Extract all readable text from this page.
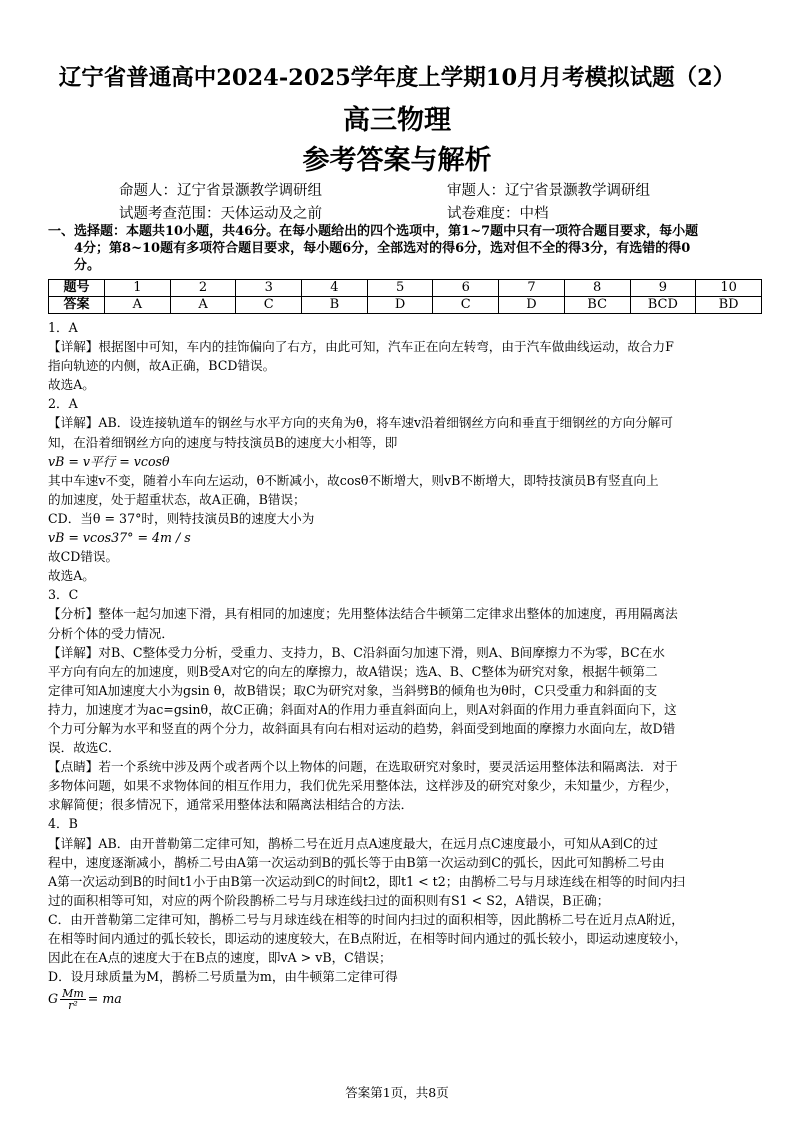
辽宁省普通高中2024-2025学年度上学期10月月考模拟试题（2）
高三物理
参考答案与解析
命题人：辽宁省景灏教学调研组	审题人：辽宁省景灏教学调研组
试题考查范围：天体运动及之前	试卷难度：中档
一、选择题：本题共10小题，共46分。在每小题给出的四个选项中，第1~7题中只有一项符合题目要求，每小题
4分；第8~10题有多项符合题目要求，每小题6分，全部选对的得6分，选对但不全的得3分，有选错的得0
分。
题号	1	2	3	4	5	6	7	8	9	10
答案	A	A	C	B	D	C	D	BC	BCD	BD

1．A

【详解】根据图中可知，车内的挂饰偏向了右方，由此可知，汽车正在向左转弯，由于汽车做曲线运动，故合力F

指向轨迹的内侧，故A正确，BCD错误。

故选A。

2．A

【详解】AB．设连接轨道车的钢丝与水平方向的夹角为θ，将车速v沿着细钢丝方向和垂直于细钢丝的方向分解可

知，在沿着细钢丝方向的速度与特技演员B的速度大小相等，即

vB = v平行 = vcosθ

其中车速v不变，随着小车向左运动，θ不断减小，故cosθ不断增大，则vB不断增大，即特技演员B有竖直向上

的加速度，处于超重状态，故A正确，B错误；

CD．当θ = 37°时，则特技演员B的速度大小为

vB = vcos37° = 4m / s

故CD错误。

故选A。

3．C

【分析】整体一起匀加速下滑，具有相同的加速度；先用整体法结合牛顿第二定律求出整体的加速度，再用隔离法

分析个体的受力情况．

【详解】对B、C整体受力分析，受重力、支持力，B、C沿斜面匀加速下滑，则A、B间摩擦力不为零，BC在水

平方向有向左的加速度，则B受A对它的向左的摩擦力，故A错误；选A、B、C整体为研究对象，根据牛顿第二

定律可知A加速度大小为gsin θ，故B错误；取C为研究对象，当斜劈B的倾角也为θ时，C只受重力和斜面的支

持力，加速度才为ac=gsinθ，故C正确；斜面对A的作用力垂直斜面向上，则A对斜面的作用力垂直斜面向下，这

个力可分解为水平和竖直的两个分力，故斜面具有向右相对运动的趋势，斜面受到地面的摩擦力水面向左，故D错

误．故选C．

【点睛】若一个系统中涉及两个或者两个以上物体的问题，在选取研究对象时，要灵活运用整体法和隔离法．对于

多物体问题，如果不求物体间的相互作用力，我们优先采用整体法，这样涉及的研究对象少，未知量少，方程少，

求解简便；很多情况下，通常采用整体法和隔离法相结合的方法．

4．B

【详解】AB．由开普勒第二定律可知，鹊桥二号在近月点A速度最大，在远月点C速度最小，可知从A到C的过

程中，速度逐渐减小，鹊桥二号由A第一次运动到B的弧长等于由B第一次运动到C的弧长，因此可知鹊桥二号由

A第一次运动到B的时间t1小于由B第一次运动到C的时间t2，即t1 < t2；由鹊桥二号与月球连线在相等的时间内扫

过的面积相等可知，对应的两个阶段鹊桥二号与月球连线扫过的面积则有S1 < S2，A错误，B正确；

C．由开普勒第二定律可知，鹊桥二号与月球连线在相等的时间内扫过的面积相等，因此鹊桥二号在近月点A附近，

在相等时间内通过的弧长较长，即运动的速度较大，在B点附近，在相等时间内通过的弧长较小，即运动速度较小，

因此在在A点的速度大于在B点的速度，即vA > vB，C错误；

D．设月球质量为M，鹊桥二号质量为m，由牛顿第二定律可得

G $\frac{Mm}{\text{r²}}$ = ma

答案第1页，共8页
